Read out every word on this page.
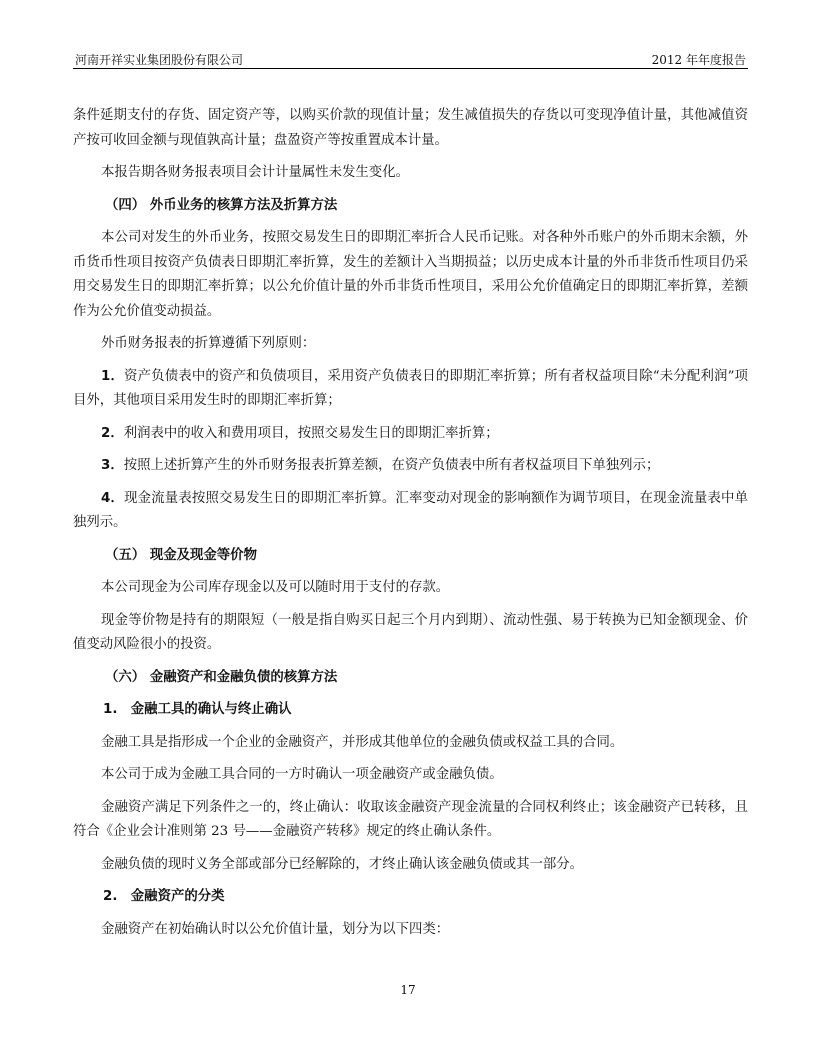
河南开祥实业集团股份有限公司	2012 年年度报告

条件延期支付的存货、固定资产等，以购买价款的现值计量；发生减值损失的存货以可变现净值计量，其他减值资产按可收回金额与现值孰高计量；盘盈资产等按重置成本计量。

本报告期各财务报表项目会计计量属性未发生变化。

（四） 外币业务的核算方法及折算方法

本公司对发生的外币业务，按照交易发生日的即期汇率折合人民币记账。对各种外币账户的外币期末余额，外币货币性项目按资产负债表日即期汇率折算，发生的差额计入当期损益；以历史成本计量的外币非货币性项目仍采用交易发生日的即期汇率折算；以公允价值计量的外币非货币性项目，采用公允价值确定日的即期汇率折算，差额作为公允价值变动损益。

外币财务报表的折算遵循下列原则：

1．资产负债表中的资产和负债项目，采用资产负债表日的即期汇率折算；所有者权益项目除“未分配利润”项目外，其他项目采用发生时的即期汇率折算；

2．利润表中的收入和费用项目，按照交易发生日的即期汇率折算；

3．按照上述折算产生的外币财务报表折算差额，在资产负债表中所有者权益项目下单独列示；

4．现金流量表按照交易发生日的即期汇率折算。汇率变动对现金的影响额作为调节项目，在现金流量表中单独列示。

（五） 现金及现金等价物

本公司现金为公司库存现金以及可以随时用于支付的存款。

现金等价物是持有的期限短（一般是指自购买日起三个月内到期）、流动性强、易于转换为已知金额现金、价值变动风险很小的投资。

（六） 金融资产和金融负债的核算方法
1.　金融工具的确认与终止确认

金融工具是指形成一个企业的金融资产，并形成其他单位的金融负债或权益工具的合同。

本公司于成为金融工具合同的一方时确认一项金融资产或金融负债。

金融资产满足下列条件之一的，终止确认：收取该金融资产现金流量的合同权利终止；该金融资产已转移，且符合《企业会计准则第 23 号——金融资产转移》规定的终止确认条件。

金融负债的现时义务全部或部分已经解除的，才终止确认该金融负债或其一部分。

2.　金融资产的分类

金融资产在初始确认时以公允价值计量，划分为以下四类：

17
